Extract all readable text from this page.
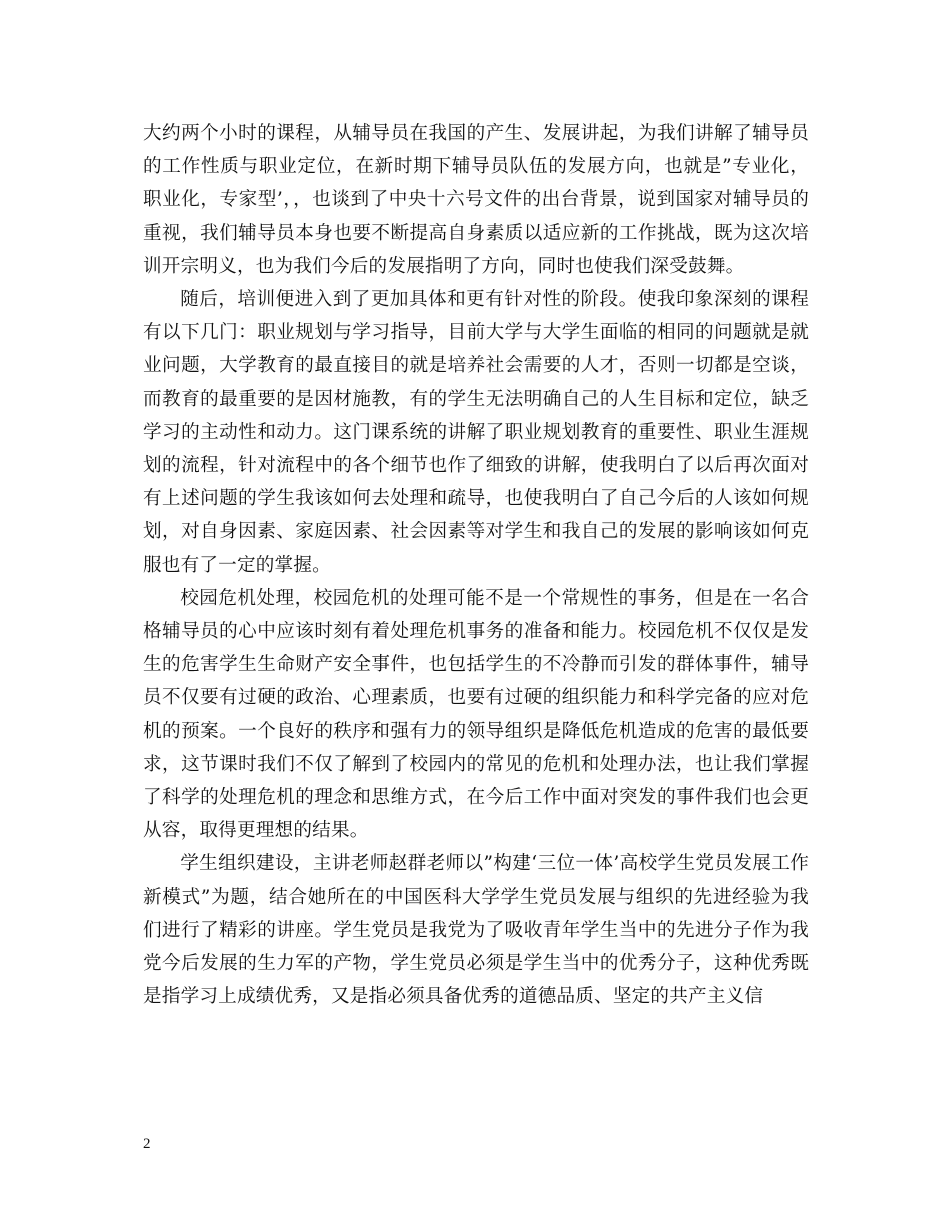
大约两个小时的课程，从辅导员在我国的产生、发展讲起，为我们讲解了辅导员的工作性质与职业定位，在新时期下辅导员队伍的发展方向，也就是”专业化，职业化，专家型’，，也谈到了中央十六号文件的出台背景，说到国家对辅导员的重视，我们辅导员本身也要不断提高自身素质以适应新的工作挑战，既为这次培训开宗明义，也为我们今后的发展指明了方向，同时也使我们深受鼓舞。

随后，培训便进入到了更加具体和更有针对性的阶段。使我印象深刻的课程有以下几门：职业规划与学习指导，目前大学与大学生面临的相同的问题就是就业问题，大学教育的最直接目的就是培养社会需要的人才，否则一切都是空谈，而教育的最重要的是因材施教，有的学生无法明确自己的人生目标和定位，缺乏学习的主动性和动力。这门课系统的讲解了职业规划教育的重要性、职业生涯规划的流程，针对流程中的各个细节也作了细致的讲解，使我明白了以后再次面对有上述问题的学生我该如何去处理和疏导，也使我明白了自己今后的人该如何规划，对自身因素、家庭因素、社会因素等对学生和我自己的发展的影响该如何克服也有了一定的掌握。

校园危机处理，校园危机的处理可能不是一个常规性的事务，但是在一名合格辅导员的心中应该时刻有着处理危机事务的准备和能力。校园危机不仅仅是发生的危害学生生命财产安全事件，也包括学生的不冷静而引发的群体事件，辅导员不仅要有过硬的政治、心理素质，也要有过硬的组织能力和科学完备的应对危机的预案。一个良好的秩序和强有力的领导组织是降低危机造成的危害的最低要求，这节课时我们不仅了解到了校园内的常见的危机和处理办法，也让我们掌握了科学的处理危机的理念和思维方式，在今后工作中面对突发的事件我们也会更从容，取得更理想的结果。

学生组织建设，主讲老师赵群老师以”构建‘三位一体’高校学生党员发展工作新模式”为题，结合她所在的中国医科大学学生党员发展与组织的先进经验为我们进行了精彩的讲座。学生党员是我党为了吸收青年学生当中的先进分子作为我党今后发展的生力军的产物，学生党员必须是学生当中的优秀分子，这种优秀既是指学习上成绩优秀，又是指必须具备优秀的道德品质、坚定的共产主义信

2
